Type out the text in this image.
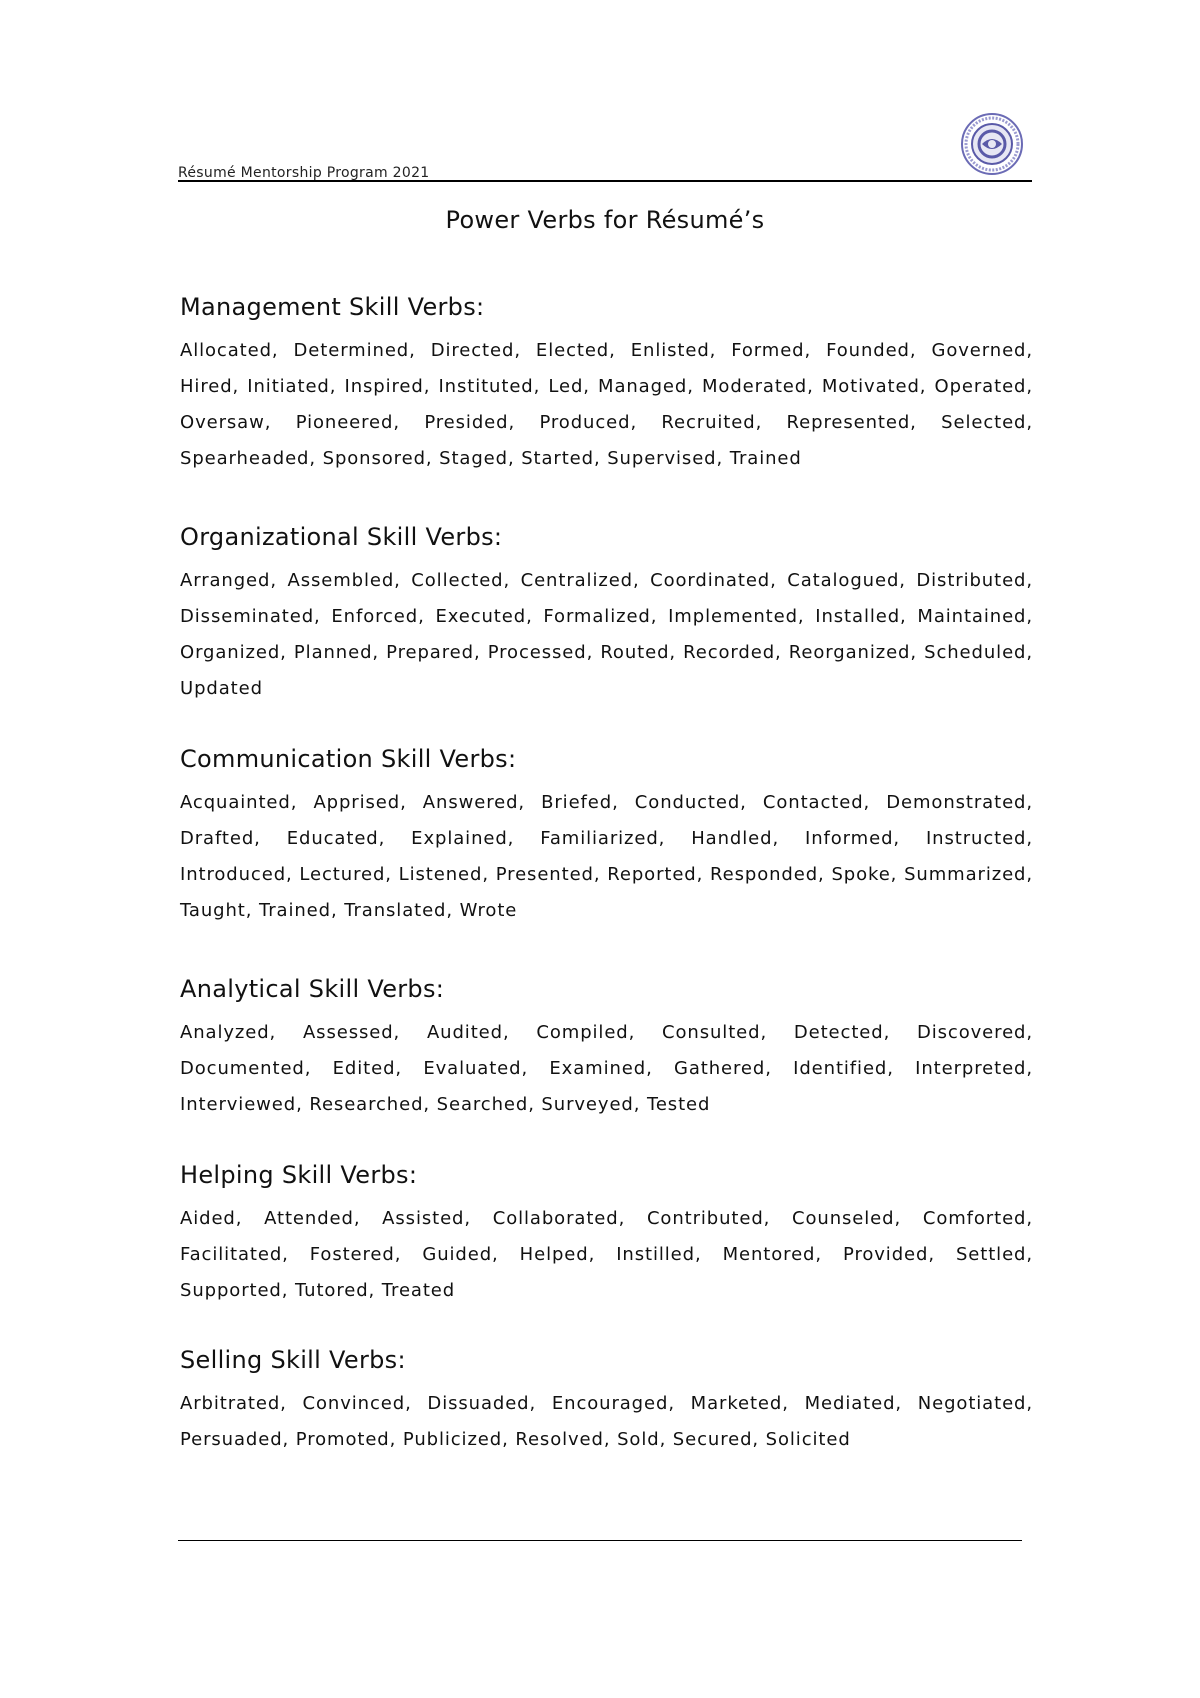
Résumé Mentorship Program 2021
Power Verbs for Résumé’s
Management Skill Verbs:

Allocated, Determined, Directed, Elected, Enlisted, Formed, Founded, Governed, Hired, Initiated, Inspired, Instituted, Led, Managed, Moderated, Motivated, Operated, Oversaw, Pioneered, Presided, Produced, Recruited, Represented, Selected, Spearheaded, Sponsored, Staged, Started, Supervised, Trained

Organizational Skill Verbs:

Arranged, Assembled, Collected, Centralized, Coordinated, Catalogued, Distributed, Disseminated, Enforced, Executed, Formalized, Implemented, Installed, Maintained, Organized, Planned, Prepared, Processed, Routed, Recorded, Reorganized, Scheduled, Updated

Communication Skill Verbs:

Acquainted, Apprised, Answered, Briefed, Conducted, Contacted, Demonstrated, Drafted, Educated, Explained, Familiarized, Handled, Informed, Instructed, Introduced, Lectured, Listened, Presented, Reported, Responded, Spoke, Summarized, Taught, Trained, Translated, Wrote

Analytical Skill Verbs:

Analyzed, Assessed, Audited, Compiled, Consulted, Detected, Discovered, Documented, Edited, Evaluated, Examined, Gathered, Identified, Interpreted, Interviewed, Researched, Searched, Surveyed, Tested

Helping Skill Verbs:

Aided, Attended, Assisted, Collaborated, Contributed, Counseled, Comforted, Facilitated, Fostered, Guided, Helped, Instilled, Mentored, Provided, Settled, Supported, Tutored, Treated

Selling Skill Verbs:

Arbitrated, Convinced, Dissuaded, Encouraged, Marketed, Mediated, Negotiated, Persuaded, Promoted, Publicized, Resolved, Sold, Secured, Solicited
